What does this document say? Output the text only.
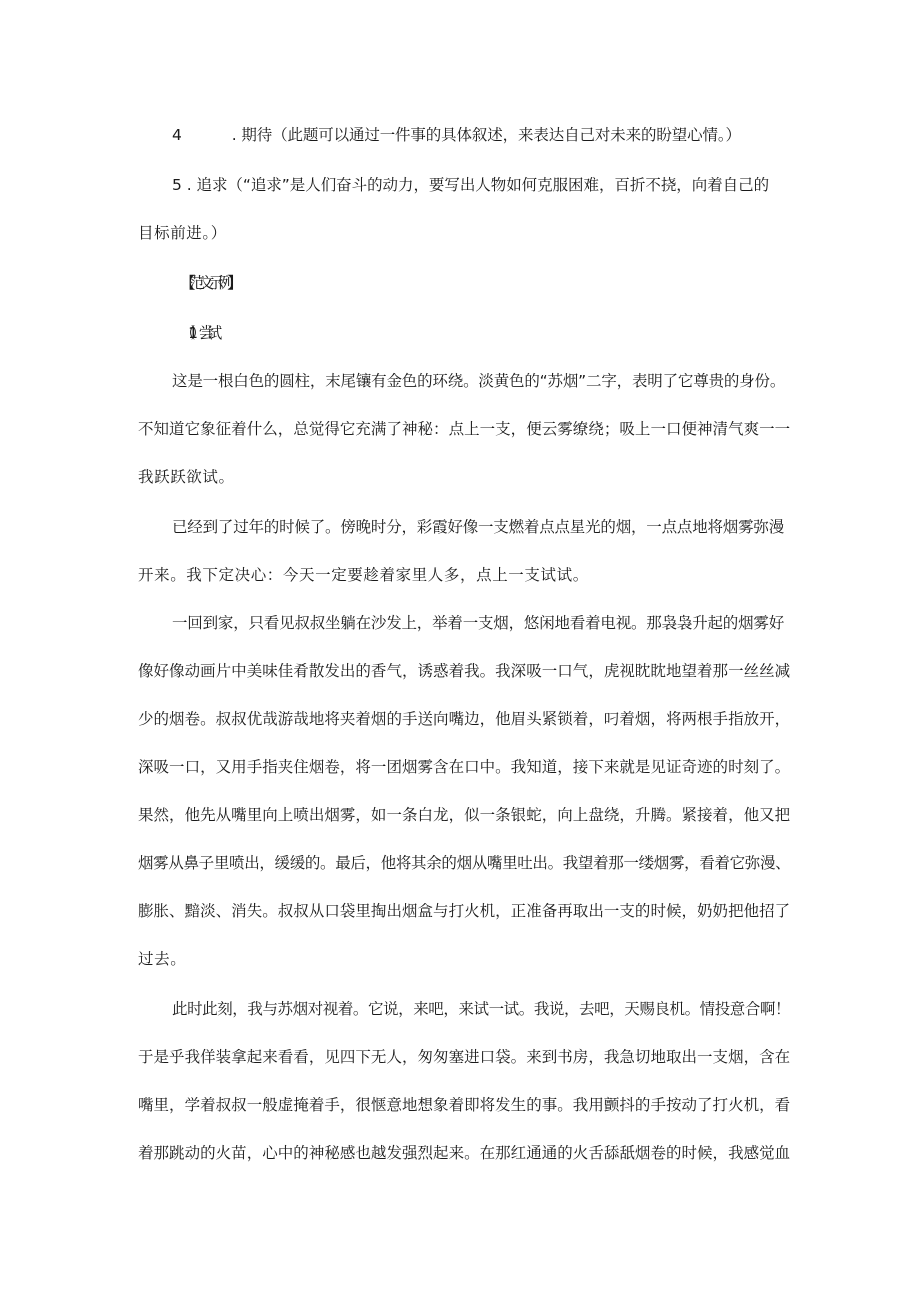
4	. 期待（此题可以通过一件事的具体叙述，来表达自己对未来的盼望心情。）
5 . 追求（“追求”是人们奋斗的动力，要写出人物如何克服困难，百折不挠，向着自己的
目标前进。）
【范文示例】
（1）尝试
这是一根白色的圆柱，末尾镶有金色的环绕。淡黄色的“苏烟”二字，表明了它尊贵的身份。
不知道它象征着什么，总觉得它充满了神秘：点上一支，便云雾缭绕；吸上一口便神清气爽一一
我跃跃欲试。
已经到了过年的时候了。傍晚时分，彩霞好像一支燃着点点星光的烟，一点点地将烟雾弥漫
开来。我下定决心：今天一定要趁着家里人多，点上一支试试。
一回到家，只看见叔叔坐躺在沙发上，举着一支烟，悠闲地看着电视。那袅袅升起的烟雾好
像好像动画片中美味佳肴散发出的香气，诱惑着我。我深吸一口气，虎视眈眈地望着那一丝丝减
少的烟卷。叔叔优哉游哉地将夹着烟的手送向嘴边，他眉头紧锁着，叼着烟，将两根手指放开，
深吸一口，又用手指夹住烟卷，将一团烟雾含在口中。我知道，接下来就是见证奇迹的时刻了。
果然，他先从嘴里向上喷出烟雾，如一条白龙，似一条银蛇，向上盘绕，升腾。紧接着，他又把
烟雾从鼻子里喷出，缓缓的。最后，他将其余的烟从嘴里吐出。我望着那一缕烟雾，看着它弥漫、
膨胀、黯淡、消失。叔叔从口袋里掏出烟盒与打火机，正准备再取出一支的时候，奶奶把他招了
过去。
此时此刻，我与苏烟对视着。它说，来吧，来试一试。我说，去吧，天赐良机。情投意合啊！
于是乎我佯装拿起来看看，见四下无人，匆匆塞进口袋。来到书房，我急切地取出一支烟，含在
嘴里，学着叔叔一般虚掩着手，很惬意地想象着即将发生的事。我用颤抖的手按动了打火机，看
着那跳动的火苗，心中的神秘感也越发强烈起来。在那红通通的火舌舔舐烟卷的时候，我感觉血
